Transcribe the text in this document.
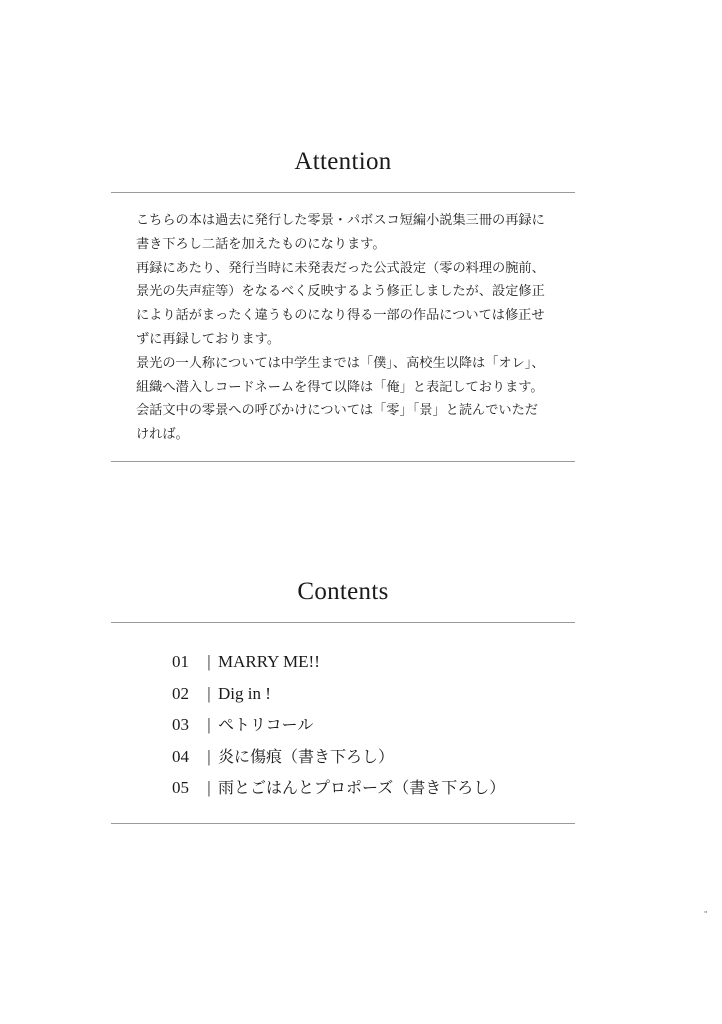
Attention
こちらの本は過去に発行した零景・パボスコ短編小説集三冊の再録に
書き下ろし二話を加えたものになります。
再録にあたり、発行当時に未発表だった公式設定（零の料理の腕前、
景光の失声症等）をなるべく反映するよう修正しましたが、設定修正
により話がまったく違うものになり得る一部の作品については修正せ
ずに再録しております。
景光の一人称については中学生までは「僕」、高校生以降は「オレ」、
組織へ潜入しコードネームを得て以降は「俺」と表記しております。
会話文中の零景への呼びかけについては「零」「景」と読んでいただ
ければ。
Contents
01	| MARRY ME!!
02	| Dig in !
03	| ペトリコール
04	| 炎に傷痕（書き下ろし）
05	| 雨とごはんとプロポーズ（書き下ろし）
"
